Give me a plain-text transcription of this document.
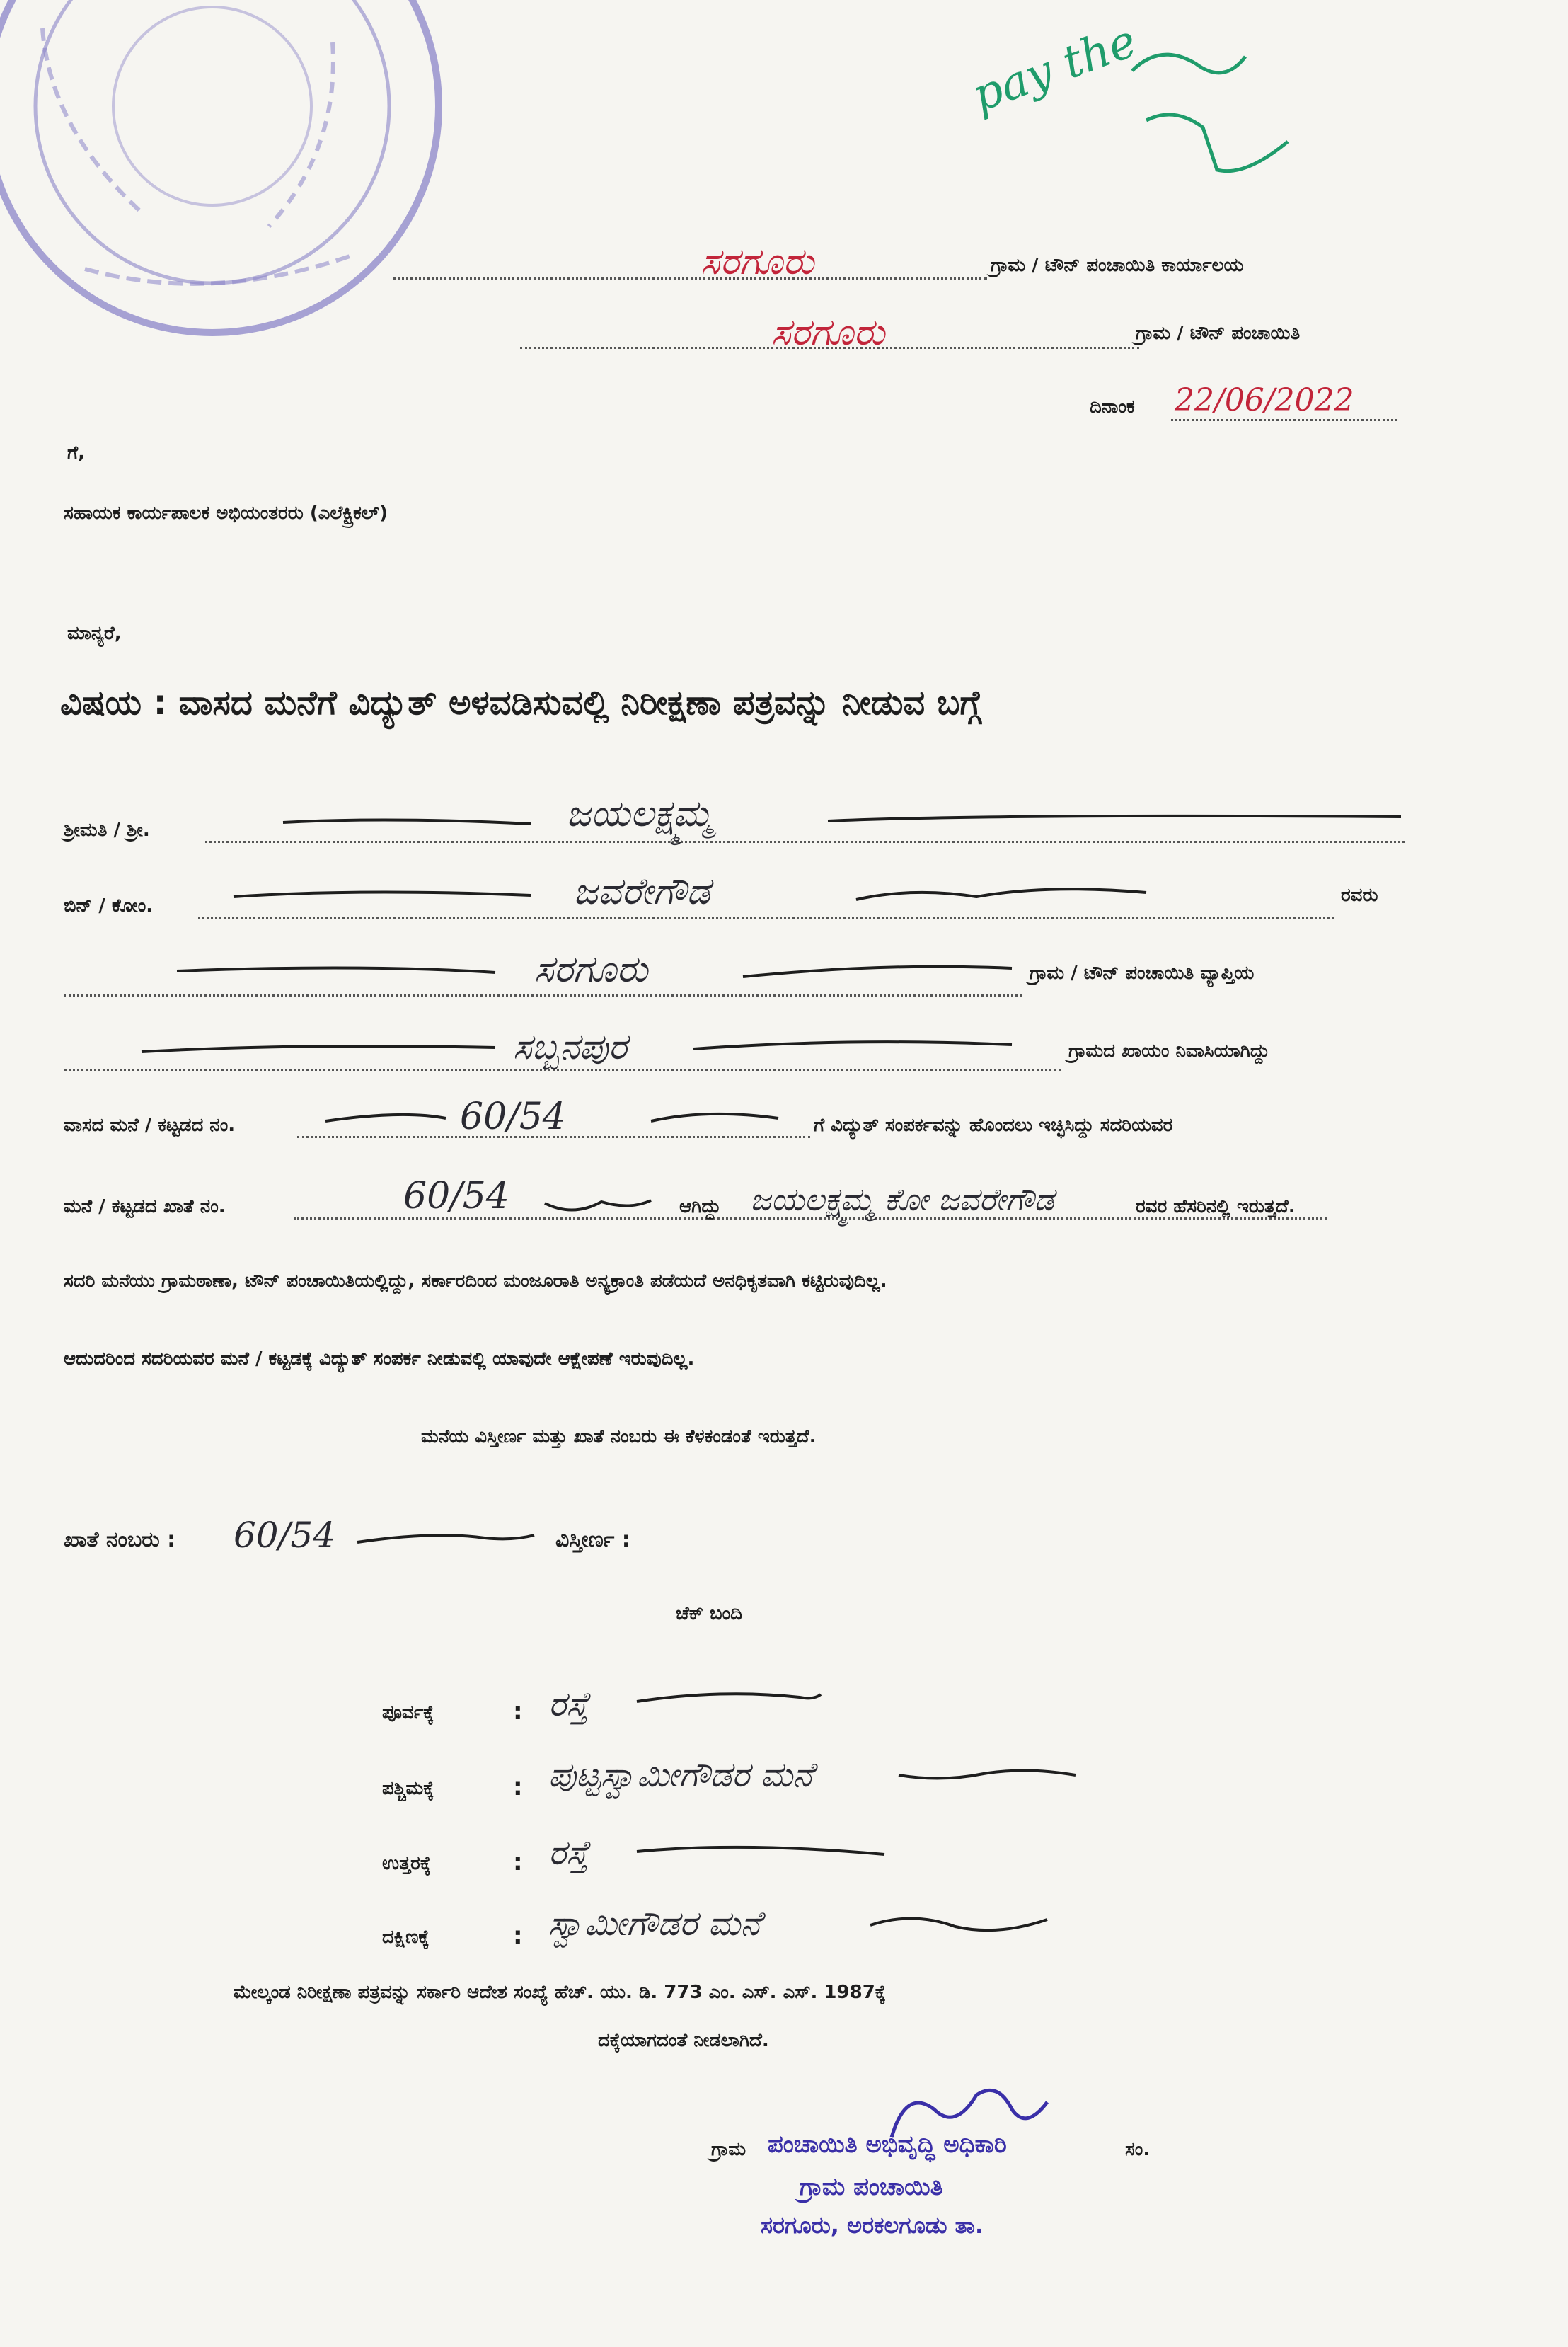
pay the
ಸರಗೂರು	ಗ್ರಾಮ / ಟೌನ್ ಪಂಚಾಯಿತಿ ಕಾರ್ಯಾಲಯ
ಸರಗೂರು	ಗ್ರಾಮ / ಟೌನ್ ಪಂಚಾಯಿತಿ
ದಿನಾಂಕ 22/06/2022
ಗೆ,
ಸಹಾಯಕ ಕಾರ್ಯಪಾಲಕ ಅಭಿಯಂತರರು (ಎಲೆಕ್ಟ್ರಿಕಲ್)
ಮಾನ್ಯರೆ,
ವಿಷಯ : ವಾಸದ ಮನೆಗೆ ವಿದ್ಯುತ್ ಅಳವಡಿಸುವಲ್ಲಿ ನಿರೀಕ್ಷಣಾ ಪತ್ರವನ್ನು ನೀಡುವ ಬಗ್ಗೆ
ಶ್ರೀಮತಿ / ಶ್ರೀ.	ಜಯಲಕ್ಷ್ಮಮ್ಮ
ಬಿನ್ / ಕೋಂ.	ಜವರೇಗೌಡ	ರವರು
ಸರಗೂರು	ಗ್ರಾಮ / ಟೌನ್ ಪಂಚಾಯಿತಿ ವ್ಯಾಪ್ತಿಯ
ಸಬ್ಬನಪುರ	ಗ್ರಾಮದ ಖಾಯಂ ನಿವಾಸಿಯಾಗಿದ್ದು
ವಾಸದ ಮನೆ / ಕಟ್ಟಡದ ನಂ.	60/54	ಗೆ ವಿದ್ಯುತ್ ಸಂಪರ್ಕವನ್ನು ಹೊಂದಲು ಇಚ್ಛಿಸಿದ್ದು ಸದರಿಯವರ
ಮನೆ / ಕಟ್ಟಡದ ಖಾತೆ ನಂ.	60/54	ಆಗಿದ್ದು ಜಯಲಕ್ಷ್ಮಮ್ಮ ಕೋ ಜವರೇಗೌಡ	ರವರ ಹೆಸರಿನಲ್ಲಿ ಇರುತ್ತದೆ.
ಸದರಿ ಮನೆಯು ಗ್ರಾಮಠಾಣಾ, ಟೌನ್ ಪಂಚಾಯಿತಿಯಲ್ಲಿದ್ದು, ಸರ್ಕಾರದಿಂದ ಮಂಜೂರಾತಿ ಅನ್ಯಕ್ರಾಂತಿ ಪಡೆಯದೆ ಅನಧಿಕೃತವಾಗಿ ಕಟ್ಟಿರುವುದಿಲ್ಲ.
ಆದುದರಿಂದ ಸದರಿಯವರ ಮನೆ / ಕಟ್ಟಡಕ್ಕೆ ವಿದ್ಯುತ್ ಸಂಪರ್ಕ ನೀಡುವಲ್ಲಿ ಯಾವುದೇ ಆಕ್ಷೇಪಣೆ ಇರುವುದಿಲ್ಲ.
ಮನೆಯ ವಿಸ್ತೀರ್ಣ ಮತ್ತು ಖಾತೆ ನಂಬರು ಈ ಕೆಳಕಂಡಂತೆ ಇರುತ್ತದೆ.
ಖಾತೆ ನಂಬರು : 60/54	ವಿಸ್ತೀರ್ಣ :
ಚೆಕ್ ಬಂದಿ
ಪೂರ್ವಕ್ಕೆ	: ರಸ್ತೆ
ಪಶ್ಚಿಮಕ್ಕೆ	: ಪುಟ್ಟಸ್ವಾಮೀಗೌಡರ ಮನೆ
ಉತ್ತರಕ್ಕೆ	: ರಸ್ತೆ
ದಕ್ಷಿಣಕ್ಕೆ	: ಸ್ವಾಮೀಗೌಡರ ಮನೆ
ಮೇಲ್ಕಂಡ ನಿರೀಕ್ಷಣಾ ಪತ್ರವನ್ನು ಸರ್ಕಾರಿ ಆದೇಶ ಸಂಖ್ಯೆ ಹೆಚ್. ಯು. ಡಿ. 773 ಎಂ. ಎಸ್. ಎಸ್. 1987ಕ್ಕೆ
ದಕ್ಕೆಯಾಗದಂತೆ ನೀಡಲಾಗಿದೆ.
ಗ್ರಾಮ ಪಂಚಾಯಿತಿ ಅಭಿವೃದ್ಧಿ ಅಧಿಕಾರಿ	ಸಂ.
ಗ್ರಾಮ ಪಂಚಾಯಿತಿ
ಸರಗೂರು, ಅರಕಲಗೂಡು ತಾ.
